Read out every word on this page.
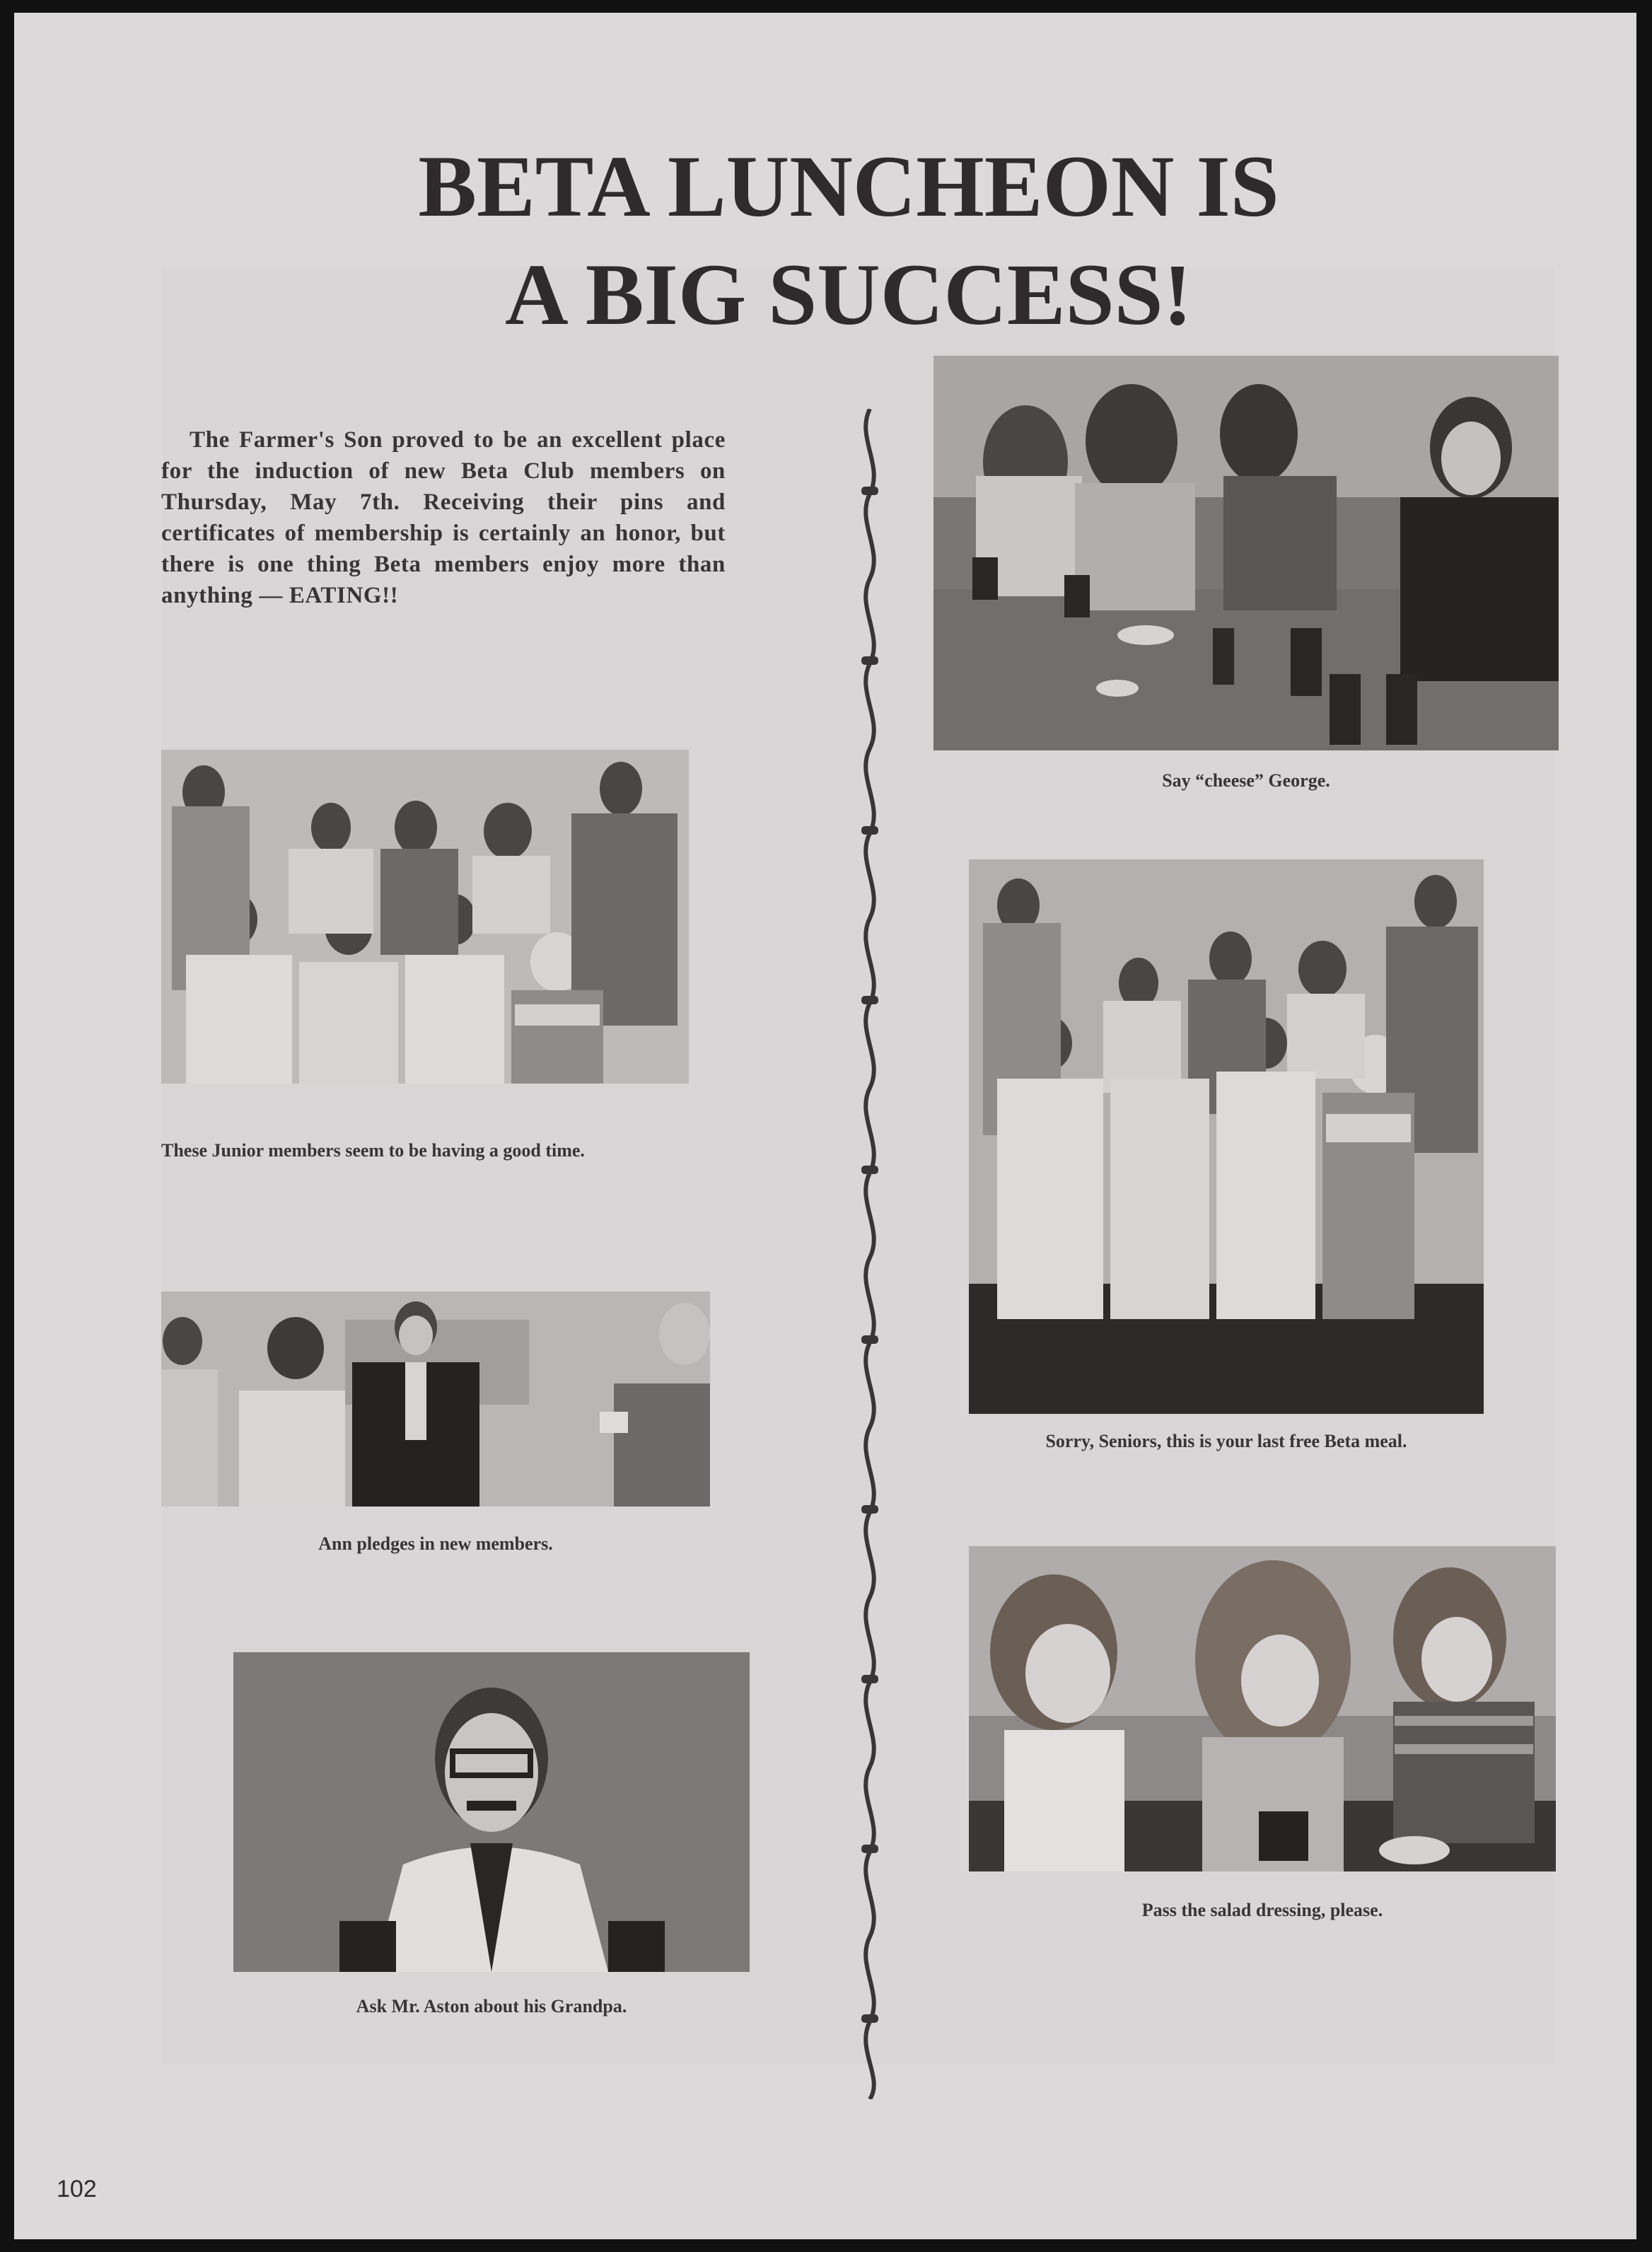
BETA LUNCHEON IS
A BIG SUCCESS!

The Farmer's Son proved to be an excellent place for the induction of new Beta Club members on Thursday, May 7th. Receiving their pins and certificates of membership is certainly an honor, but there is one thing Beta members enjoy more than anything — EATING!!

Say “cheese” George.

These Junior members seem to be having a good time.

Sorry, Seniors, this is your last free Beta meal.

Ann pledges in new members.

Pass the salad dressing, please.

Ask Mr. Aston about his Grandpa.

102
